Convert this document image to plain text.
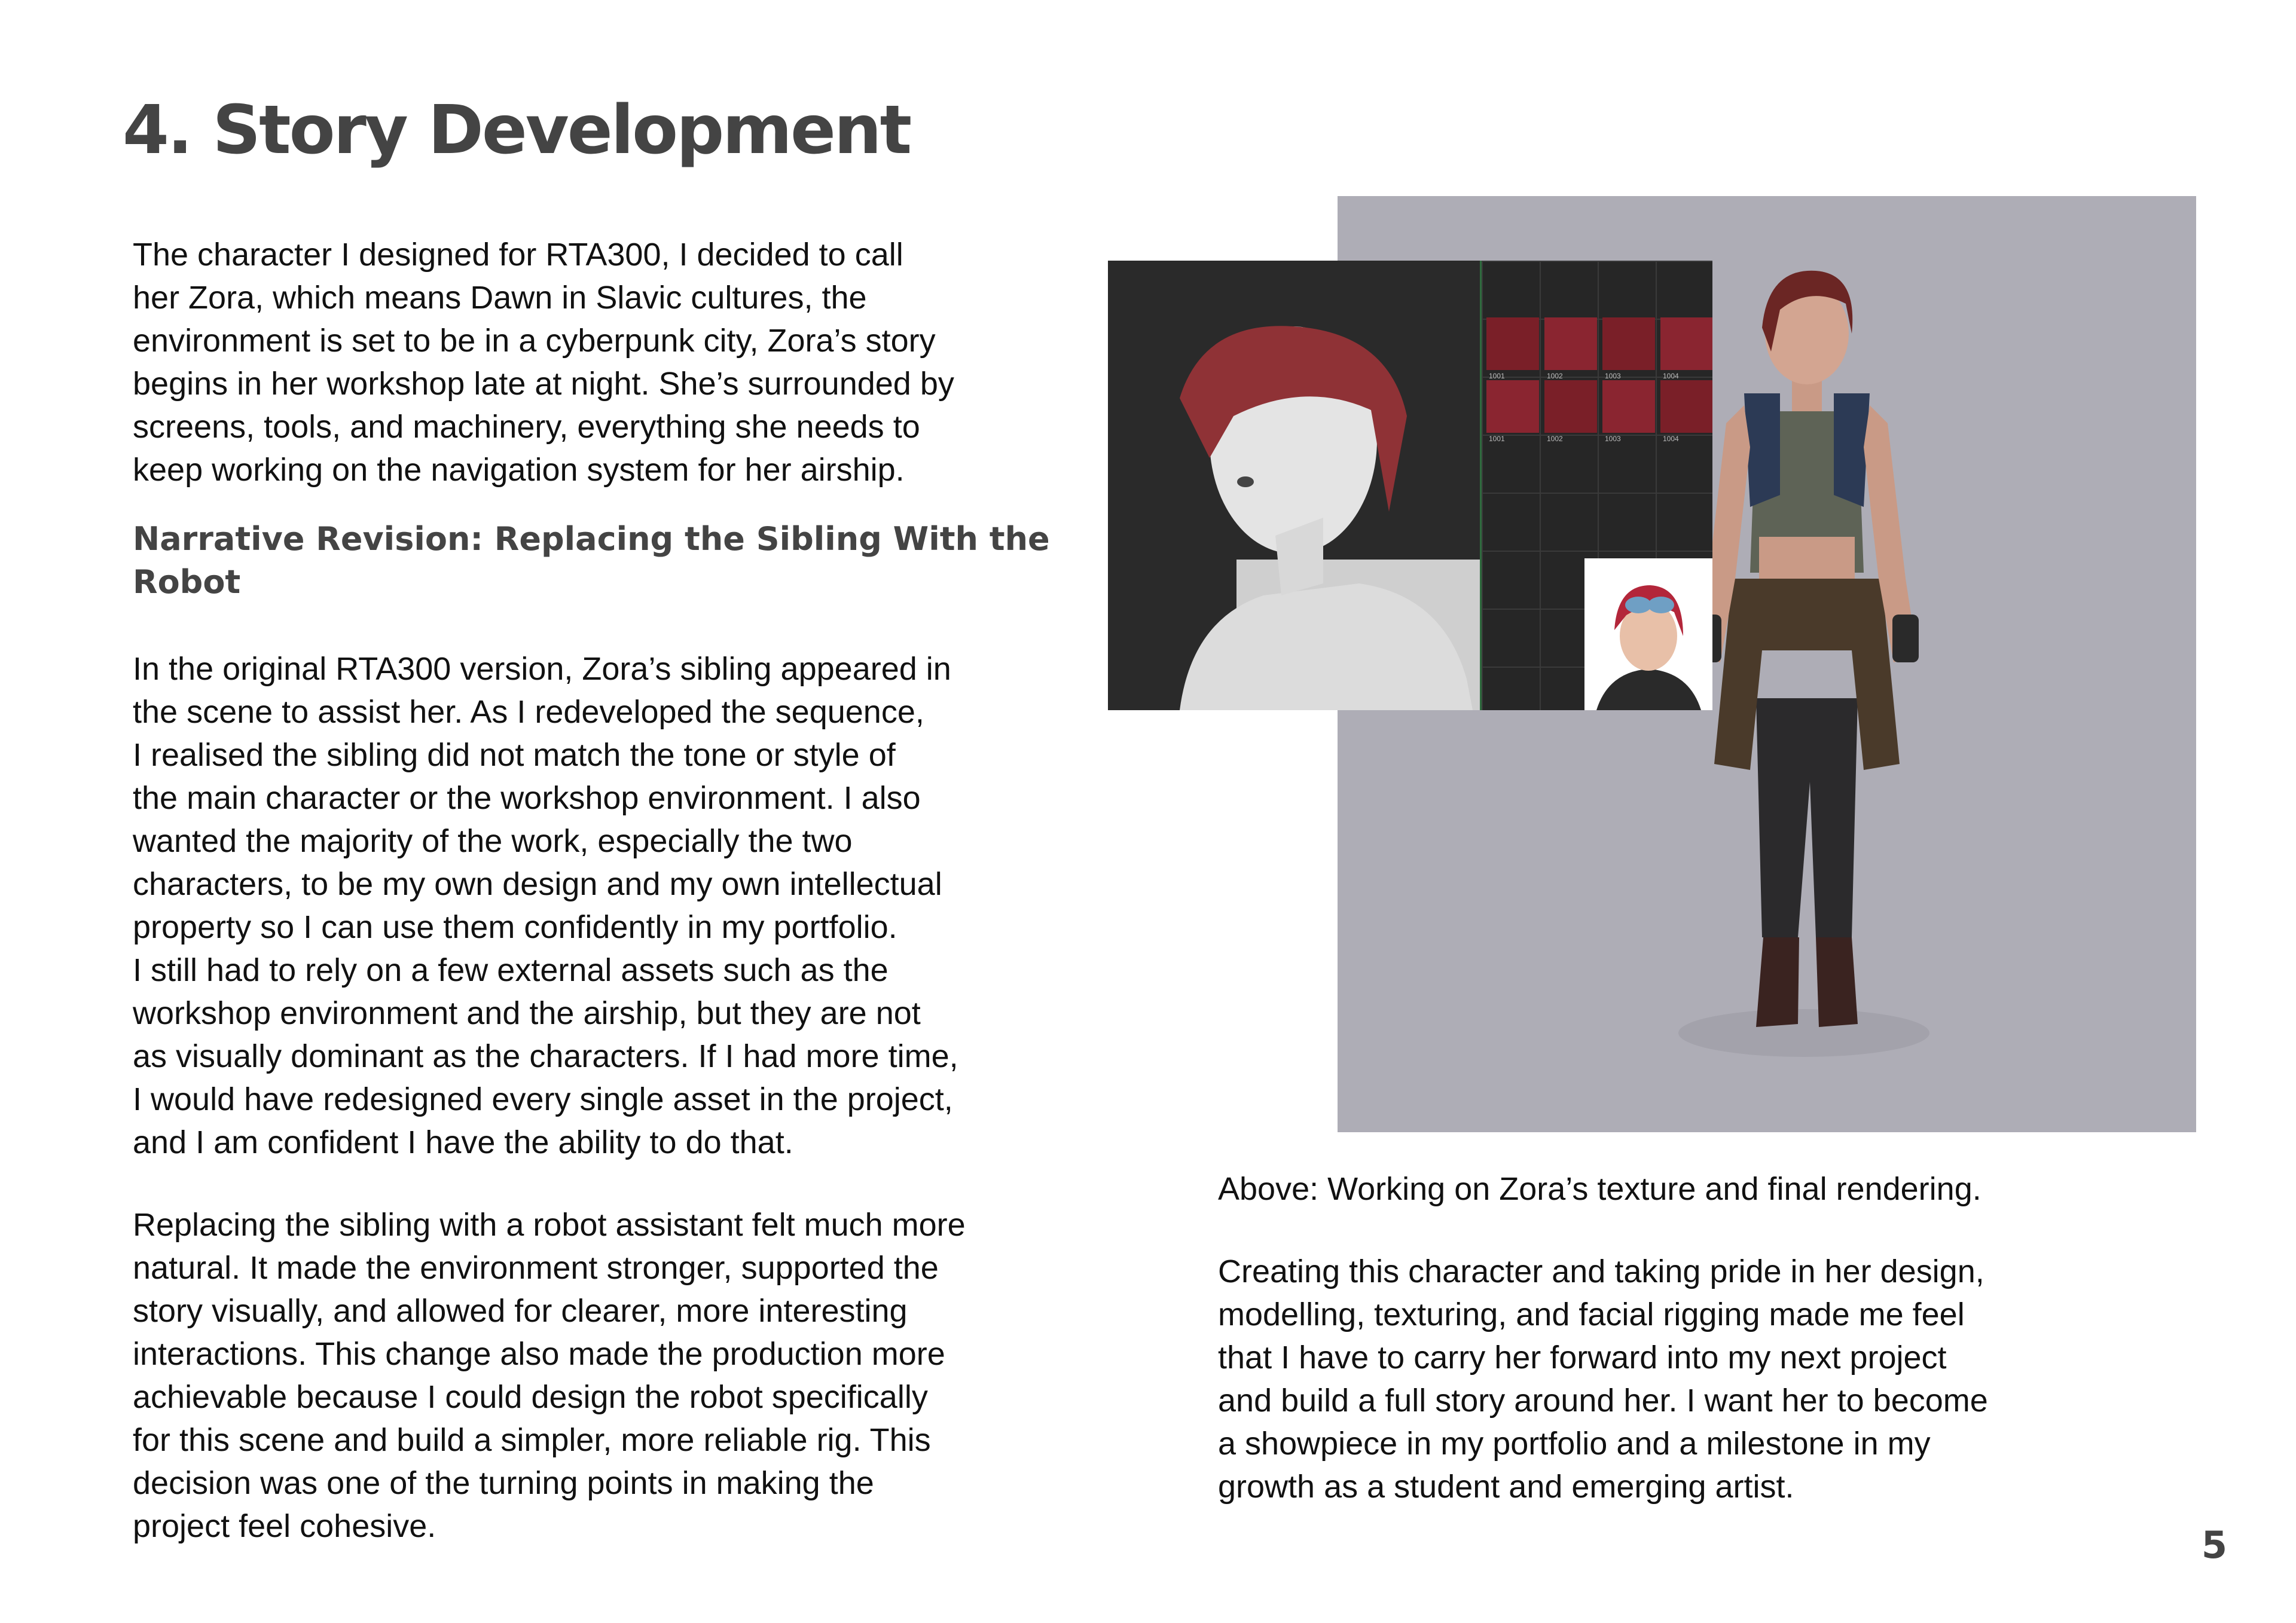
4. Story Development

The character I designed for RTA300, I decided to call
her Zora, which means Dawn in Slavic cultures, the
environment is set to be in a cyberpunk city, Zora’s story
begins in her workshop late at night. She’s surrounded by
screens, tools, and machinery, everything she needs to
keep working on the navigation system for her airship.

Narrative Revision: Replacing the Sibling With the
Robot

In the original RTA300 version, Zora’s sibling appeared in
the scene to assist her. As I redeveloped the sequence,
I realised the sibling did not match the tone or style of
the main character or the workshop environment. I also
wanted the majority of the work, especially the two
characters, to be my own design and my own intellectual
property so I can use them confidently in my portfolio.
I still had to rely on a few external assets such as the
workshop environment and the airship, but they are not
as visually dominant as the characters. If I had more time,
I would have redesigned every single asset in the project,
and I am confident I have the ability to do that.

Replacing the sibling with a robot assistant felt much more
natural. It made the environment stronger, supported the
story visually, and allowed for clearer, more interesting
interactions. This change also made the production more
achievable because I could design the robot specifically
for this scene and build a simpler, more reliable rig. This
decision was one of the turning points in making the
project feel cohesive.

1001	1002	1003	1004
1001	1002	1003	1004

Above: Working on Zora’s texture and final rendering.

Creating this character and taking pride in her design,
modelling, texturing, and facial rigging made me feel
that I have to carry her forward into my next project
and build a full story around her. I want her to become
a showpiece in my portfolio and a milestone in my
growth as a student and emerging artist.

5
